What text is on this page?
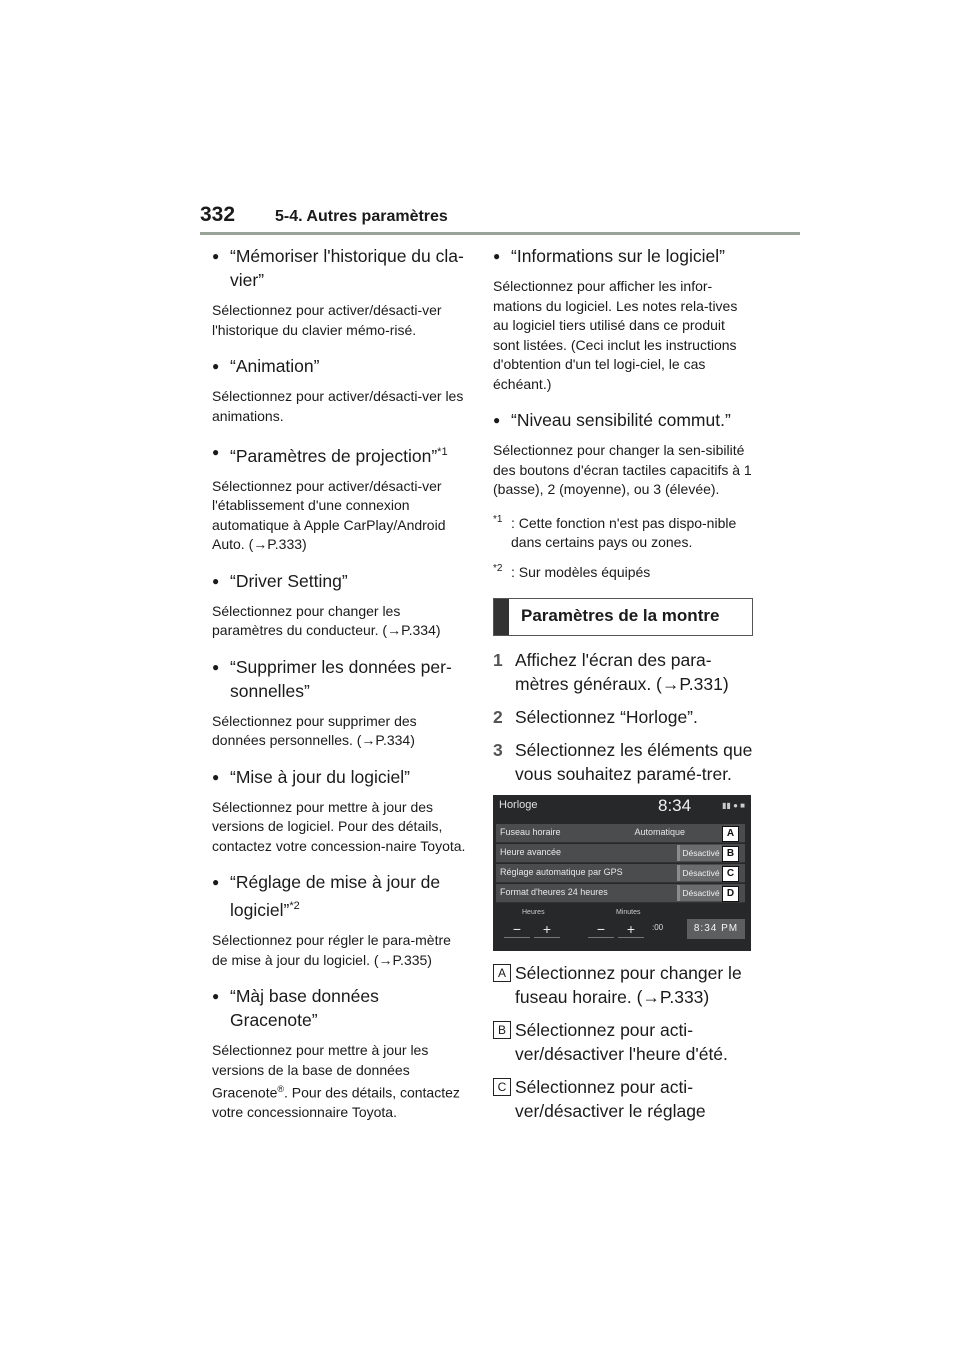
332 5-4. Autres paramètres

● “Mémoriser l'historique du cla-vier”

Sélectionnez pour activer/désacti-ver l'historique du clavier mémo-risé.

● “Animation”

Sélectionnez pour activer/désacti-ver les animations.

● “Paramètres de projection”$^{*1}$

Sélectionnez pour activer/désacti-ver l'établissement d'une connexion automatique à Apple CarPlay/Android Auto. (→P.333)

● “Driver Setting”

Sélectionnez pour changer les paramètres du conducteur. (→P.334)

● “Supprimer les données per-sonnelles”

Sélectionnez pour supprimer des données personnelles. (→P.334)

● “Mise à jour du logiciel”

Sélectionnez pour mettre à jour des versions de logiciel. Pour des détails, contactez votre concession-naire Toyota.

● “Réglage de mise à jour de logiciel”$^{*2}$

Sélectionnez pour régler le para-mètre de mise à jour du logiciel. (→P.335)

● “Màj base données Gracenote”

Sélectionnez pour mettre à jour les versions de la base de données Gracenote®. Pour des détails, contactez votre concessionnaire Toyota.

● “Informations sur le logiciel”

Sélectionnez pour afficher les infor-mations du logiciel. Les notes rela-tives au logiciel tiers utilisé dans ce produit sont listées. (Ceci inclut les instructions d'obtention d'un tel logi-ciel, le cas échéant.)

● “Niveau sensibilité commut.”

Sélectionnez pour changer la sen-sibilité des boutons d'écran tactiles capacitifs à 1 (basse), 2 (moyenne), ou 3 (élevée).

*1 : Cette fonction n'est pas dispo-nible dans certains pays ou zones.

*2 : Sur modèles équipés

Paramètres de la montre

1 Affichez l'écran des para-mètres généraux. (→P.331)

2 Sélectionnez “Horloge”.

3 Sélectionnez les éléments que vous souhaitez paramé-trer.

Horloge	8:34	▮▮ ● ■
Fuseau horaire	Automatique
Heure avancée	Désactivé
Réglage automatique par GPS	Désactivé
Format d'heures 24 heures	Désactivé
A
B
C
D
Heures	Minutes
−	+	−	+	:00	8:34 PM

A Sélectionnez pour changer le fuseau horaire. (→P.333)

B Sélectionnez pour acti-ver/désactiver l'heure d'été.

C Sélectionnez pour acti-ver/désactiver le réglage
